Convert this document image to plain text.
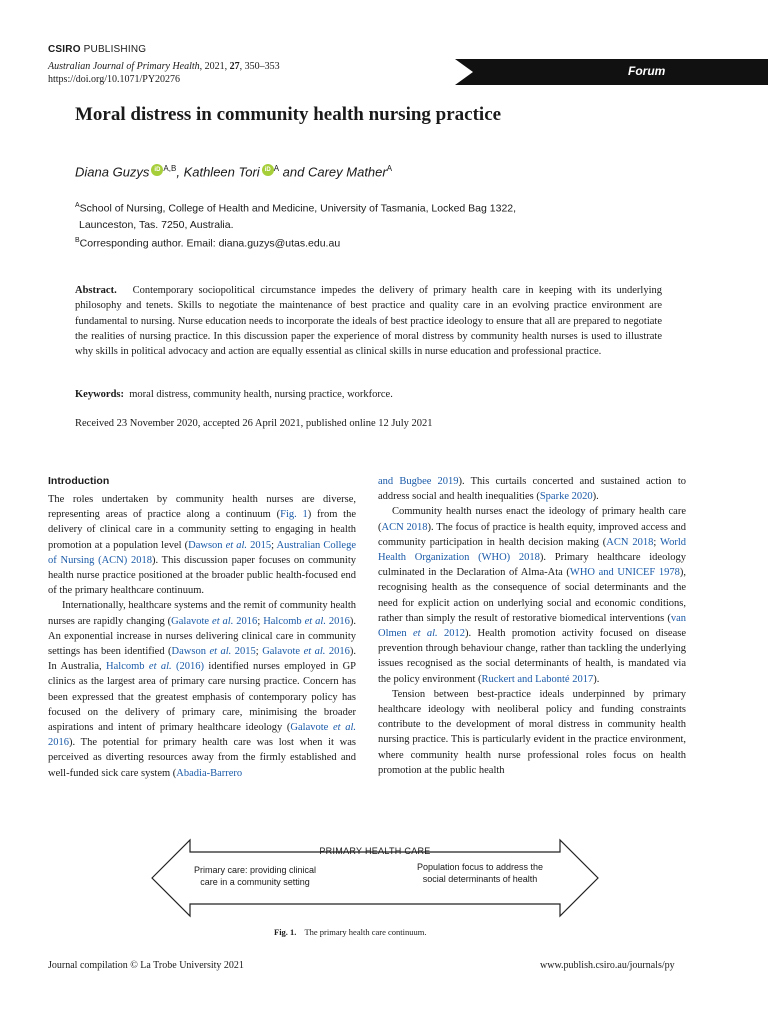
CSIRO PUBLISHING
Australian Journal of Primary Health, 2021, 27, 350–353
https://doi.org/10.1071/PY20276
Forum
Moral distress in community health nursing practice
Diana Guzys iD $^{A,B}$, Kathleen Tori iD $^A$ and Carey Mather$^A$
$^A$School of Nursing, College of Health and Medicine, University of Tasmania, Locked Bag 1322,
Launceston, Tas. 7250, Australia.
$^B$Corresponding author. Email: diana.guzys@utas.edu.au
Abstract. Contemporary sociopolitical circumstance impedes the delivery of primary health care in keeping with its underlying philosophy and tenets. Skills to negotiate the maintenance of best practice and quality care in an evolving practice environment are fundamental to nursing. Nurse education needs to incorporate the ideals of best practice ideology to ensure that all are prepared to negotiate the realities of nursing practice. In this discussion paper the experience of moral distress by community health nurses is used to illustrate why skills in political advocacy and action are equally essential as clinical skills in nurse education and professional practice.
Keywords: moral distress, community health, nursing practice, workforce.
Received 23 November 2020, accepted 26 April 2021, published online 12 July 2021
Introduction

The roles undertaken by community health nurses are diverse, representing areas of practice along a continuum (Fig. 1) from the delivery of clinical care in a community setting to engaging in health promotion at a population level (Dawson et al. 2015; Australian College of Nursing (ACN) 2018). This discussion paper focuses on community health nurse practice positioned at the broader public health-focused end of the primary healthcare continuum.

Internationally, healthcare systems and the remit of community health nurses are rapidly changing (Galavote et al. 2016; Halcomb et al. 2016). An exponential increase in nurses delivering clinical care in community settings has been identified (Dawson et al. 2015; Galavote et al. 2016). In Australia, Halcomb et al. (2016) identified nurses employed in GP clinics as the largest area of primary care nursing practice. Concern has been expressed that the greatest emphasis of contemporary policy has focused on the delivery of primary care, minimising the broader aspirations and intent of primary healthcare ideology (Galavote et al. 2016). The potential for primary health care was lost when it was perceived as diverting resources away from the firmly established and well-funded sick care system (Abadia-Barrero

and Bugbee 2019). This curtails concerted and sustained action to address social and health inequalities (Sparke 2020).

Community health nurses enact the ideology of primary health care (ACN 2018). The focus of practice is health equity, improved access and community participation in health decision making (ACN 2018; World Health Organization (WHO) 2018). Primary healthcare ideology culminated in the Declaration of Alma-Ata (WHO and UNICEF 1978), recognising health as the consequence of social determinants and the need for explicit action on underlying social and economic conditions, rather than simply the result of restorative biomedical interventions (van Olmen et al. 2012). Health promotion activity focused on disease prevention through behaviour change, rather than tackling the underlying issues recognised as the social determinants of health, is mandated via the policy environment (Ruckert and Labonté 2017).

Tension between best-practice ideals underpinned by primary healthcare ideology with neoliberal policy and funding constraints contribute to the development of moral distress in community health nursing practice. This is particularly evident in the practice environment, where community health nurse professional roles focus on health promotion at the public health

PRIMARY HEALTH CARE
Primary care: providing clinical
care in a community setting
Population focus to address the
social determinants of health
Fig. 1. The primary health care continuum.
Journal compilation © La Trobe University 2021	www.publish.csiro.au/journals/py
